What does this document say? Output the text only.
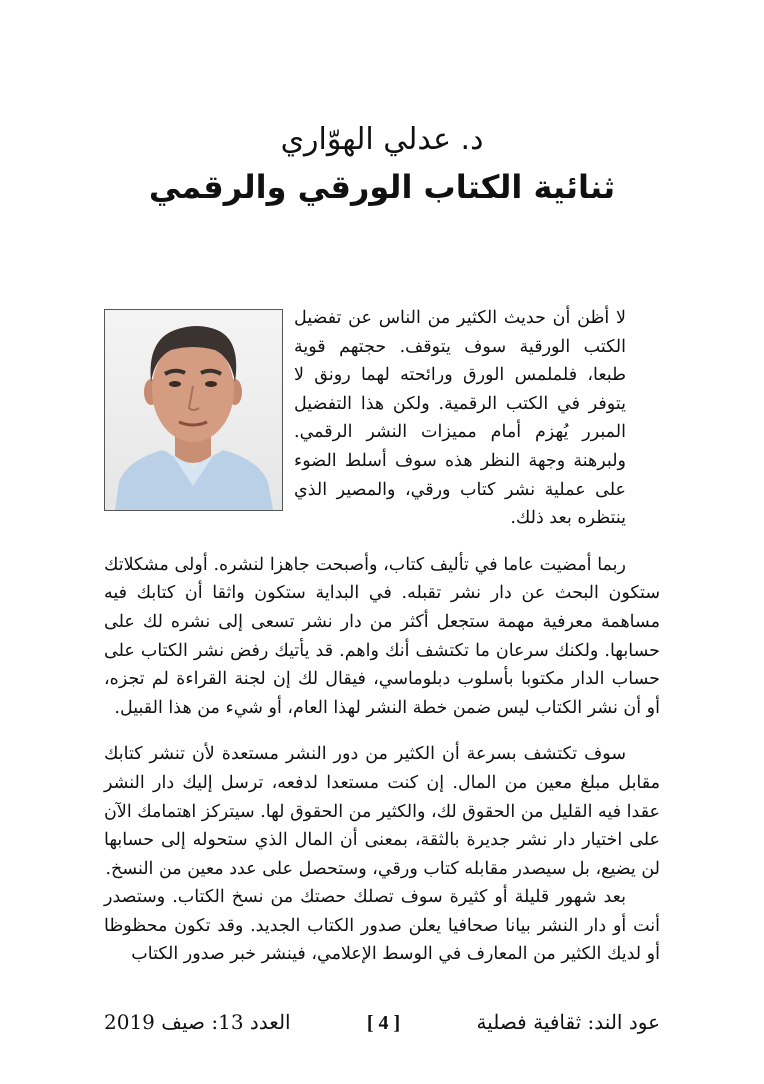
د. عدلي الهوّاري
ثنائية الكتاب الورقي والرقمي

لا أظن أن حديث الكثير من الناس عن تفضيل الكتب الورقية سوف يتوقف. حجتهم قوية طبعا، فلملمس الورق ورائحته لهما رونق لا يتوفر في الكتب الرقمية. ولكن هذا التفضيل المبرر يُهزم أمام مميزات النشر الرقمي. ولبرهنة وجهة النظر هذه سوف أسلط الضوء على عملية نشر كتاب ورقي، والمصير الذي ينتظره بعد ذلك.

ربما أمضيت عاما في تأليف كتاب، وأصبحت جاهزا لنشره. أولى مشكلاتك ستكون البحث عن دار نشر تقبله. في البداية ستكون واثقا أن كتابك فيه مساهمة معرفية مهمة ستجعل أكثر من دار نشر تسعى إلى نشره لك على حسابها. ولكنك سرعان ما تكتشف أنك واهم. قد يأتيك رفض نشر الكتاب على حساب الدار مكتوبا بأسلوب دبلوماسي، فيقال لك إن لجنة القراءة لم تجزه، أو أن نشر الكتاب ليس ضمن خطة النشر لهذا العام، أو شيء من هذا القبيل.

سوف تكتشف بسرعة أن الكثير من دور النشر مستعدة لأن تنشر كتابك مقابل مبلغ معين من المال. إن كنت مستعدا لدفعه، ترسل إليك دار النشر عقدا فيه القليل من الحقوق لك، والكثير من الحقوق لها. سيتركز اهتمامك الآن على اختيار دار نشر جديرة بالثقة، بمعنى أن المال الذي ستحوله إلى حسابها لن يضيع، بل سيصدر مقابله كتاب ورقي، وستحصل على عدد معين من النسخ.

بعد شهور قليلة أو كثيرة سوف تصلك حصتك من نسخ الكتاب. وستصدر أنت أو دار النشر بيانا صحافيا يعلن صدور الكتاب الجديد. وقد تكون محظوظا أو لديك الكثير من المعارف في الوسط الإعلامي، فينشر خبر صدور الكتاب

عود الند: ثقافية فصلية
[ 4 ]
العدد 13: صيف 2019
